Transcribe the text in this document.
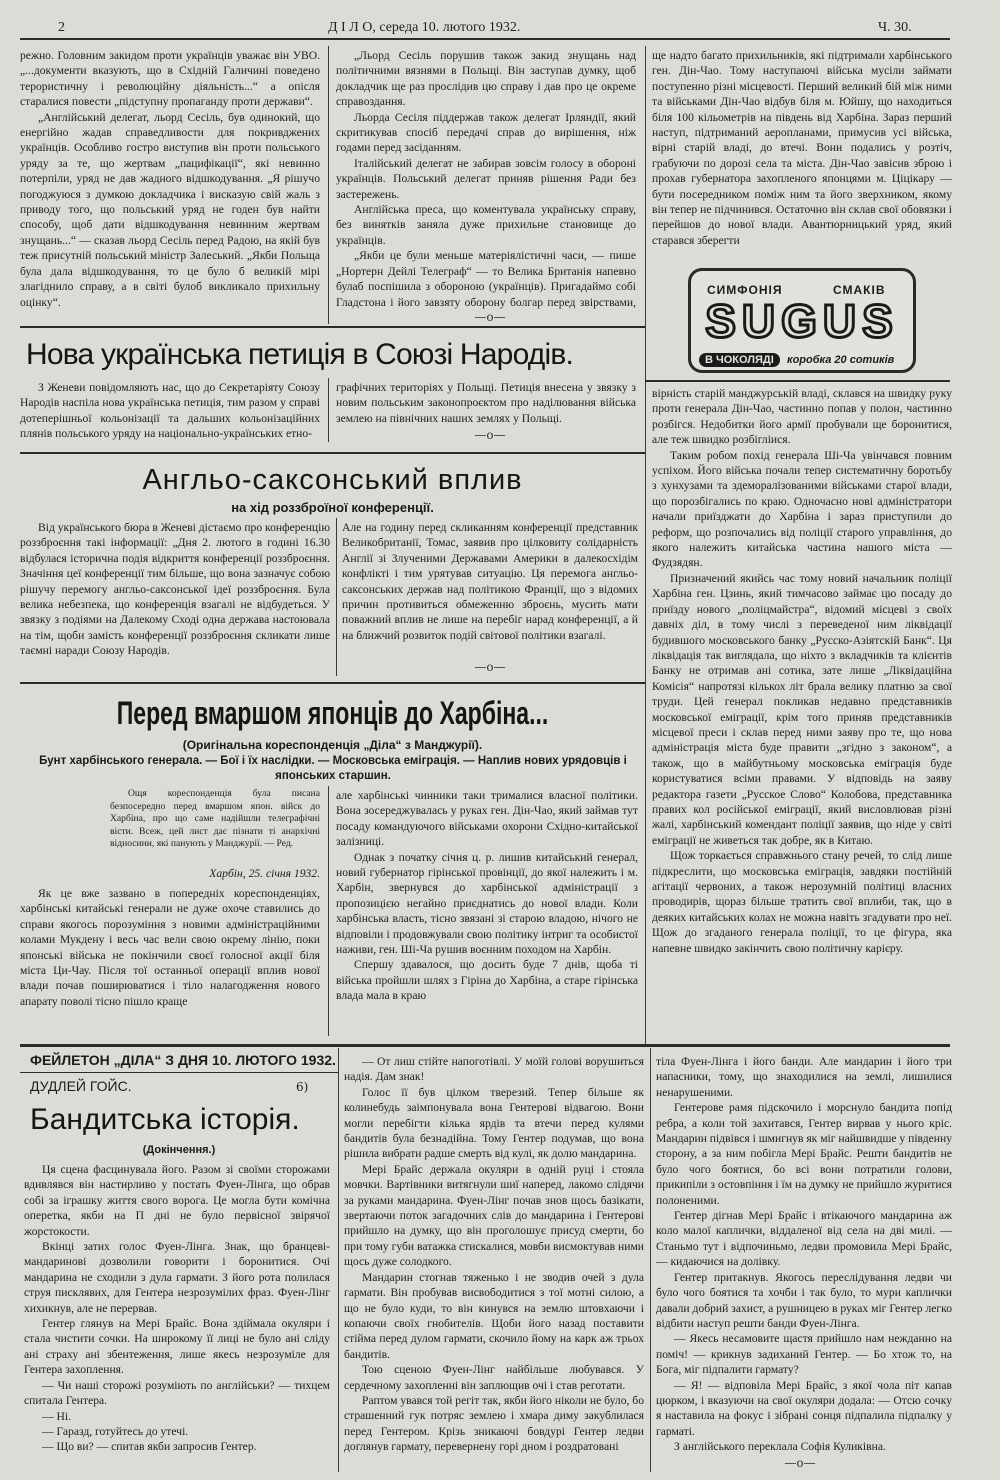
2	Д І Л О, середа 10. лютого 1932.	Ч. 30.

режно. Головним закидом проти українців уважає він УВО. „...документи вказують, що в Східній Галичині поведено терористичну і революційну діяльність...“ а опісля старалися повести „підступну пропаганду проти держави“.

„Англійський делегат, льорд Сесіль, був одинокий, що енергійно жадав справедливости для покривджених українців. Особливо гостро виступив він проти польського уряду за те, що жертвам „пацифікації“, які невинно потерпіли, уряд не дав жадного відшкодування. „Я рішучо погоджуюся з думкою докладчика і висказую свій жаль з приводу того, що польський уряд не годен був найти способу, щоб дати відшкодування невинним жертвам знущань...“ — сказав льорд Сесіль перед Радою, на якій був теж присутній польський міністр Залеський. „Якби Польща була дала відшкодування, то це було б великій мірі злагіднило справу, а в світі булоб викликало прихильну оцінку“.

„Льорд Сесіль порушив також закид знущань над політичними вязнями в Польщі. Він заступав думку, щоб докладчик ще раз прослідив цю справу і дав про це окреме справоздання.

Льорда Сесіля піддержав також делегат Ірляндії, який скритикував спосіб передачі справ до вирішення, ніж годами перед засіданням.

Італійський делегат не забирав зовсім голосу в обороні українців. Польський делегат приняв рішення Ради без застережень.

Англійська преса, що коментувала українську справу, без винятків заняла дуже прихильне становище до українців.

„Якби це були меньше матеріялістичні часи, — пише „Нортерн Дейлі Телеграф“ — то Велика Британія напевно булаб поспішила з обороною (українців). Пригадаймо собі Гладстона і його завзяту оборону болгар перед звірствами,

—o—

ще надто багато прихильників, які підтримали харбінського ген. Дін-Чао. Тому наступаючі війська мусіли займати поступенно різні місцевості. Перший великий бій між ними та військами Дін-Чао відбув біля м. Юйшу, що находиться біля 100 кільометрів на південь від Харбіна. Зараз перший наступ, підтриманий аеропланами, примусив усі війська, вірні старій владі, до втечі. Вони подались у розтіч, грабуючи по дорозі села та міста. Дін-Чао завісив зброю і прохав губернатора захопленого японцями м. Ціцікару — бути посередником поміж ним та його зверхником, якому він тепер не підчинився. Остаточно він склав свої обовязки і перейшов до нової влади. Авантюрницький уряд, який старався зберегти

СИМФОНІЯ	СМАКІВ
SUGUS
В ЧОКОЛЯДІ	коробка 20 сотиків
Нова українська петиція в Союзі Народів.

З Женеви повідомляють нас, що до Секретаріяту Союзу Народів наспіла нова українська петиція, тим разом у справі дотеперішньої кольонізації та дальших кольонізаційних плянів польського уряду на національно-українських етно-

графічних територіях у Польщі. Петиція внесена у звязку з новим польським законопроєктом про наділювання війська землею на північних наших землях у Польщі.

—o—
Англьо-саксонський вплив
на хід роззброїної конференції.

Від українського бюра в Женеві дістаємо про конференцію роззброєння такі інформації: „Дня 2. лютого в годині 16.30 відбулася історична подія відкриття конференції роззброєння. Значіння цеї конференції тим більше, що вона зазначує собою рішучу перемогу англьо-саксонської ідеї роззброєння. Була велика небезпека, що конференція взагалі не відбудеться. У звязку з подіями на Далекому Сході одна держава настоювала на тім, щоби замість конференції роззброєння скликати лише таємні наради Союзу Народів.

Але на годину перед скликанням конференції представник Великобританії, Томас, заявив про цілковиту солідарність Англії зі Злученими Державами Америки в далекосхідім конфлікті і тим урятував ситуацію. Ця перемога англьо-саксонських держав над політикою Франції, що з відомих причин противиться обмеженню зброєнь, мусить мати поважний вплив не лише на перебіг нарад конференції, а й на ближчий розвиток подій світової політики взагалі.

—o—
Перед вмаршом японців до Харбіна...
(Оригінальна кореспонденція „Діла“ з Манджурії).
Бунт харбінського генерала. — Бої і їх наслідки. — Московська еміграція. — Наплив нових урядовців і японських старшин.

Ощя кореспонденція була писана безпосередно перед вмаршом япон. війск до Харбіна, про що саме надійшли телеграфічні вісти. Всеж, цей лист дає пізнати ті анархічні відносини, які панують у Манджурії. — Ред.

Харбін, 25. січня 1932.

Як це вже зазвано в попередніх кореспонденціях, харбінські китайські генерали не дуже охоче ставились до справи якогось порозуміння з новими адміністраційними колами Мукдену і весь час вели свою окрему лінію, поки японські війська не покінчили своєї голосної акції біля міста Ци-Чау. Після тої останньої операції вплив нової влади почав поширюватися і тіло налагодження нового апарату поволі тісно пішло краще

але харбінські чинники таки трималися власної політики. Вона зосереджувалась у руках ген. Дін-Чао, який займав тут посаду командуючого військами охорони Східно-китайської залізниці.

Однак з початку січня ц. р. лишив китайський генерал, новий губернатор гірінської провінції, до якої належить і м. Харбін, звернувся до харбінської адміністрації з пропозицією негайно приєднатись до нової влади. Коли харбінська власть, тісно звязані зі старою владою, нічого не відповіли і продовжували свою політику інтриг та особистої наживи, ген. Ші-Ча рушив воєнним походом на Харбін.

Спершу здавалося, що досить буде 7 днів, щоба ті війська пройшли шлях з Гіріна до Харбіна, а старе гірінська влада мала в краю

вірність старій манджурській владі, склався на швидку руку проти генерала Дін-Чао, частинно попав у полон, частинно розбігся. Недобитки його армії пробували ще боронитися, але теж швидко розбігліися.

Таким робом похід генерала Ші-Ча увінчався повним успіхом. Його війська почали тепер систематичну боротьбу з хунхузами та здеморалізованими військами старої влади, що порозбігались по краю. Одночасно нові адміністратори начали приїзджати до Харбіна і зараз приступили до реформ, що розпочались від поліції старого управління, до якого належить китайська частина нашого міста — Фудзядян.

Призначений якийсь час тому новий начальник поліції Харбіна ген. Цзинь, який тимчасово займає цю посаду до приїзду нового „поліцмайстра“, відомий місцеві з своїх давніх діл, в тому числі з переведеної ним ліквідації будившого московського банку „Русско-Азіятскій Банк“. Ця ліквідація так виглядала, що ніхто з вкладчиків та клієнтів Банку не отримав ані сотика, зате лише „Ліквідаційна Комісія“ напротязі кількох літ брала велику платню за свої труди. Цей генерал покликав недавно представників московської еміграції, крім того приняв представників місцевої преси і склав перед ними заяву про те, що нова адміністрація міста буде правити „згідно з законом“, а також, що в майбутньому московська еміграція буде користуватися всіми правами. У відповідь на заяву редактора газети „Русское Слово“ Колобова, представника правих кол російської еміграції, який висловлював різні жалі, харбінський комендант поліції заявив, що ніде у світі еміграції не живеться так добре, як в Китаю.

Щож торкається справжнього стану речей, то слід лише підкреслити, що московська еміграція, завдяки постійній агітації червоних, а також нерозумній політиці власних проводирів, щораз більше тратить свої вплиби, так, що в деяких китайських колах не можна навіть згадувати про неї. Щож до згаданого генерала поліції, то це фігура, яка напевне швидко закінчить свою політичну карієру.

ФЕЙЛЕТОН „ДІЛА“ З ДНЯ 10. ЛЮТОГО 1932.
ДУДЛЕЙ ГОЙС.	6)
Бандитська історія.
(Докінчення.)

Ця сцена фасцинувала його. Разом зі своїми сторожами вдивлявся він настирливо у постать Фуен-Лінга, що обрав собі за іграшку життя свого ворога. Це могла бути комічна оперетка, якби на П дні не було первісної звірячої жорстокости.

Вкінці затих голос Фуен-Лінга. Знак, що бранцеві-мандаринові дозволили говорити і боронитися. Очі мандарина не сходили з дула гармати. З його рота полилася струя писклявих, для Гентера незрозумілих фраз. Фуен-Лінг хихикнув, але не перервав.

Гентер глянув на Мері Брайс. Вона здіймала окуляри і стала чистити сочки. На широкому її лиці не було ані сліду ані страху ані збентеження, лише якесь незрозуміле для Гентера захоплення.

— Чи наші сторожі розуміють по англійськи? — тихцем спитала Гентера.

— Ні.

— Гаразд, готуйтесь до утечі.

— Що ви? — спитав якби запросив Гентер.

— От лиш стійте напоготівлі. У моїй голові ворушиться надія. Дам знак!

Голос її був цілком тверезий. Тепер більше як колинебудь заімпонувала вона Гентерові відвагою. Вони могли перебігти кілька ярдів та втечи перед кулями бандитів була безнадійна. Тому Гентер подумав, що вона рішила вибрати радше смерть від кулі, як долю мандарина.

Мері Брайс держала окуляри в одній руці і стояла мовчки. Вартівники витягнули шиї наперед, лакомо слідячи за руками мандарина. Фуен-Лінг почав знов щось базікати, звертаючи поток загадочних слів до мандарина і Гентерові прийшло на думку, що він проголошує присуд смерти, бо при тому губи ватажка стискалися, мовби висмоктував ними щось дуже солодкого.

Мандарин стогнав тяженько і не зводив очей з дула гармати. Він пробував висвободитися з тої мотні силою, а що не було куди, то він кинувся на землю штовхаючи і копаючи своїх гнобителів. Щоби його назад поставити стійма перед дулом гармати, скочило йому на карк аж трьох бандитів.

Тою сценою Фуен-Лінг найбільше любувався. У сердечному захопленні він заплющив очі і став реготати.

Раптом увався той регіт так, якби його ніколи не було, бо страшенний гук потряс землею і хмара диму закублилася перед Гентером. Крізь зникаючі бовдурі Гентер ледви доглянув гармату, перевернену горі дном і роздратовані

тіла Фуен-Лінга і його банди. Але мандарин і його три напасники, тому, що знаходилися на землі, лишилися ненарушеними.

Гентерове рамя підскочило і морснуло бандита попід ребра, а коли той захитався, Гентер вирвав у нього кріс. Мандарин підвівся і шмигнув як міг найшвидше у південну сторону, а за ним побігла Мері Брайс. Решти бандитів не було чого боятися, бо всі вони потратили голови, прикипіли з остовпіння і їм на думку не прийшло журитися полоненими.

Гентер дігнав Мері Брайс і втікаючого мандарина аж коло малої каплички, віддаленої від села на дві милі. — Станьмо тут і відпочиньмо, ледви промовила Мері Брайс, — кидаючися на долівку.

Гентер притакнув. Якогось переслідування ледви чи було чого боятися та хочби і так було, то мури каплички давали добрий захист, а рушницею в руках міг Гентер легко відбити наступ решти банди Фуен-Лінга.

— Якесь несамовите щастя прийшло нам нежданно на поміч! — крикнув задиханий Гентер. — Бо хтож то, на Бога, міг підпалити гармату?

— Я! — відповіла Мері Брайс, з якої чола піт капав цюрком, і вказуючи на свої окуляри додала: — Отсю сочку я наставила на фокус і зібрані сонця підпалила підпалку у гарматі.

З англійського переклала Софія Куликівна.

—o—
